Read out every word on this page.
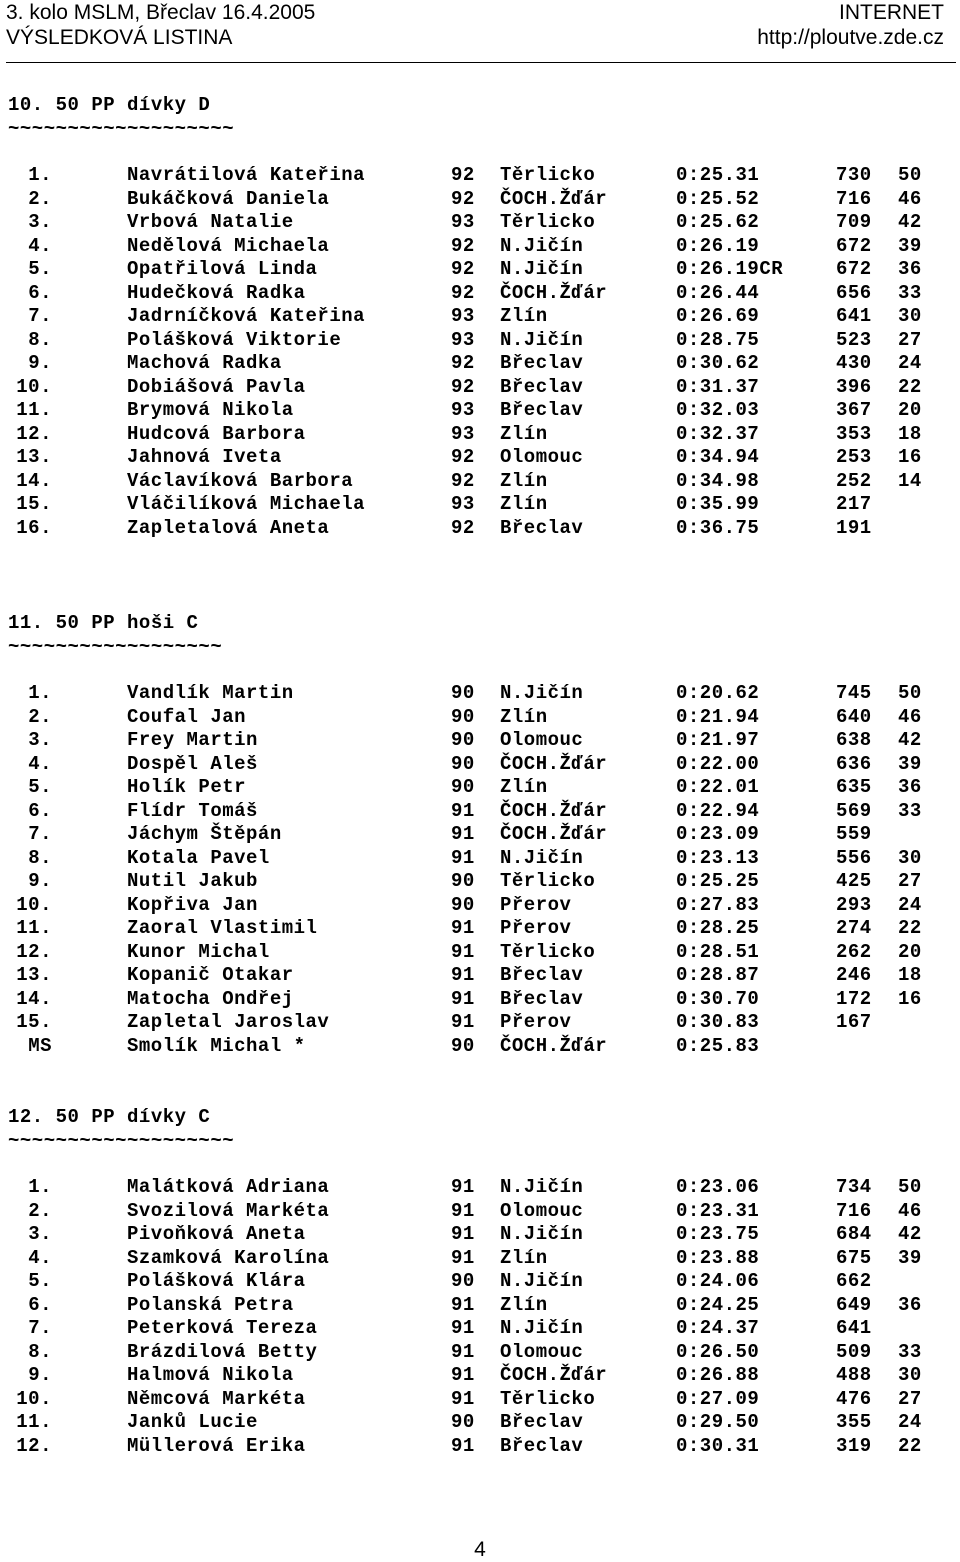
3. kolo MSLM, Břeclav 16.4.2005
VÝSLEDKOVÁ LISTINA
INTERNET
http://ploutve.zde.cz
10. 50 PP dívky D
~~~~~~~~~~~~~~~~~~~
1.	Navrátilová Kateřina	92 Těrlicko	0:25.31	730 50
2.	Bukáčková Daniela	92 ČOCH.Žďár	0:25.52	716 46
3.	Vrbová Natalie	93 Těrlicko	0:25.62	709 42
4.	Nedělová Michaela	92 N.Jičín	0:26.19	672 39
5.	Opatřilová Linda	92 N.Jičín	0:26.19CR	672 36
6.	Hudečková Radka	92 ČOCH.Žďár	0:26.44	656 33
7.	Jadrníčková Kateřina	93 Zlín	0:26.69	641 30
8.	Polášková Viktorie	93 N.Jičín	0:28.75	523 27
9.	Machová Radka	92 Břeclav	0:30.62	430 24
10.	Dobiášová Pavla	92 Břeclav	0:31.37	396 22
11.	Brymová Nikola	93 Břeclav	0:32.03	367 20
12.	Hudcová Barbora	93 Zlín	0:32.37	353 18
13.	Jahnová Iveta	92 Olomouc	0:34.94	253 16
14.	Václavíková Barbora	92 Zlín	0:34.98	252 14
15.	Vláčilíková Michaela	93 Zlín	0:35.99	217
16.	Zapletalová Aneta	92 Břeclav	0:36.75	191
11. 50 PP hoši C
~~~~~~~~~~~~~~~~~~
1.	Vandlík Martin	90 N.Jičín	0:20.62	745 50
2.	Coufal Jan	90 Zlín	0:21.94	640 46
3.	Frey Martin	90 Olomouc	0:21.97	638 42
4.	Dospěl Aleš	90 ČOCH.Žďár	0:22.00	636 39
5.	Holík Petr	90 Zlín	0:22.01	635 36
6.	Flídr Tomáš	91 ČOCH.Žďár	0:22.94	569 33
7.	Jáchym Štěpán	91 ČOCH.Žďár	0:23.09	559
8.	Kotala Pavel	91 N.Jičín	0:23.13	556 30
9.	Nutil Jakub	90 Těrlicko	0:25.25	425 27
10.	Kopřiva Jan	90 Přerov	0:27.83	293 24
11.	Zaoral Vlastimil	91 Přerov	0:28.25	274 22
12.	Kunor Michal	91 Těrlicko	0:28.51	262 20
13.	Kopanič Otakar	91 Břeclav	0:28.87	246 18
14.	Matocha Ondřej	91 Břeclav	0:30.70	172 16
15.	Zapletal Jaroslav	91 Přerov	0:30.83	167
MS	Smolík Michal *	90 ČOCH.Žďár	0:25.83
12. 50 PP dívky C
~~~~~~~~~~~~~~~~~~~
1.	Malátková Adriana	91 N.Jičín	0:23.06	734 50
2.	Svozilová Markéta	91 Olomouc	0:23.31	716 46
3.	Pivoňková Aneta	91 N.Jičín	0:23.75	684 42
4.	Szamková Karolína	91 Zlín	0:23.88	675 39
5.	Polášková Klára	90 N.Jičín	0:24.06	662
6.	Polanská Petra	91 Zlín	0:24.25	649 36
7.	Peterková Tereza	91 N.Jičín	0:24.37	641
8.	Brázdilová Betty	91 Olomouc	0:26.50	509 33
9.	Halmová Nikola	91 ČOCH.Žďár	0:26.88	488 30
10.	Němcová Markéta	91 Těrlicko	0:27.09	476 27
11.	Janků Lucie	90 Břeclav	0:29.50	355 24
12.	Müllerová Erika	91 Břeclav	0:30.31	319 22
4
